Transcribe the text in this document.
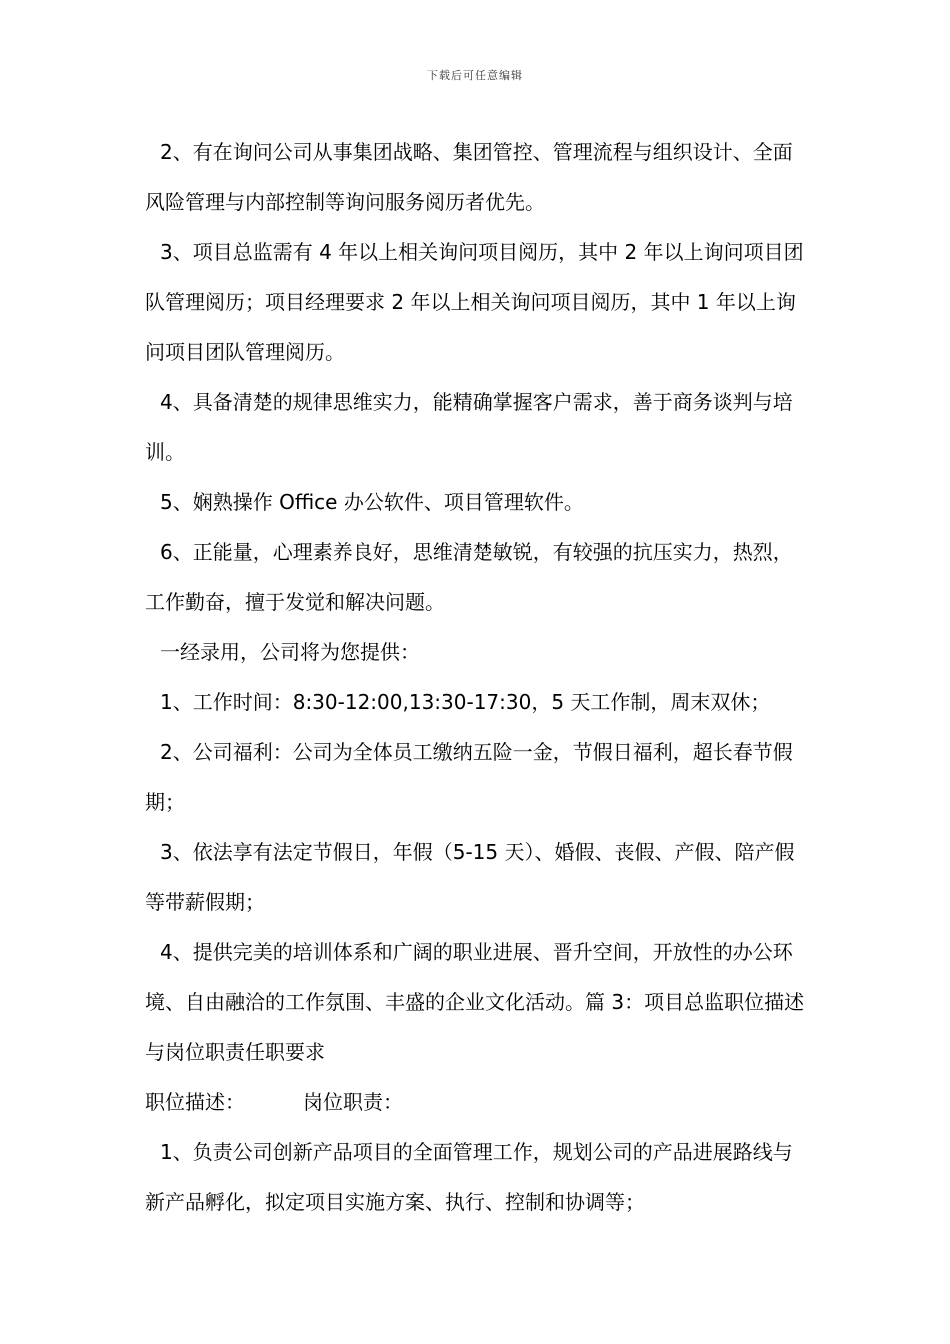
下载后可任意编辑

2、有在询问公司从事集团战略、集团管控、管理流程与组织设计、全面风险管理与内部控制等询问服务阅历者优先。

3、项目总监需有 4 年以上相关询问项目阅历，其中 2 年以上询问项目团队管理阅历；项目经理要求 2 年以上相关询问项目阅历，其中 1 年以上询问项目团队管理阅历。

4、具备清楚的规律思维实力，能精确掌握客户需求，善于商务谈判与培训。

5、娴熟操作 Office 办公软件、项目管理软件。

6、正能量，心理素养良好，思维清楚敏锐，有较强的抗压实力，热烈，工作勤奋，擅于发觉和解决问题。

一经录用，公司将为您提供：

1、工作时间：8:30-12:00,13:30-17:30，5 天工作制，周末双休；

2、公司福利：公司为全体员工缴纳五险一金，节假日福利，超长春节假期；

3、依法享有法定节假日，年假（5-15 天）、婚假、丧假、产假、陪产假等带薪假期；

4、提供完美的培训体系和广阔的职业进展、晋升空间，开放性的办公环境、自由融洽的工作氛围、丰盛的企业文化活动。篇 3：项目总监职位描述与岗位职责任职要求

职位描述：	岗位职责：

1、负责公司创新产品项目的全面管理工作，规划公司的产品进展路线与新产品孵化，拟定项目实施方案、执行、控制和协调等；
